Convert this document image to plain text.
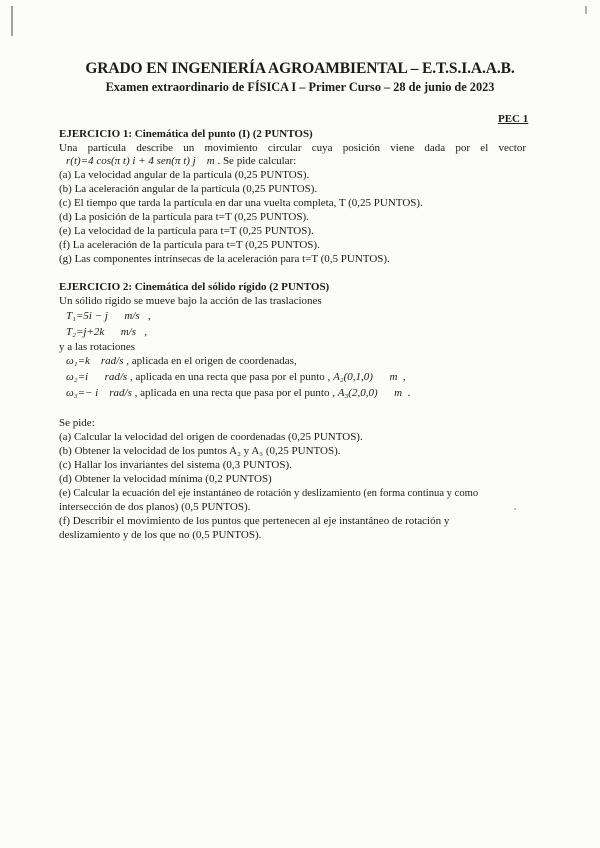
GRADO EN INGENIERÍA AGROAMBIENTAL – E.T.S.I.A.A.B.
Examen extraordinario de FÍSICA I – Primer Curso – 28 de junio de 2023
PEC 1
EJERCICIO 1: Cinemática del punto (I) (2 PUNTOS)
Una partícula describe un movimiento circular cuya posición viene dada por el vector
r(t)=4 cos(π t) i + 4 sen(π t) j m . Se pide calcular:
(a) La velocidad angular de la partícula (0,25 PUNTOS).
(b) La aceleración angular de la partícula (0,25 PUNTOS).
(c) El tiempo que tarda la partícula en dar una vuelta completa, T (0,25 PUNTOS).
(d) La posición de la partícula para t=T (0,25 PUNTOS).
(e) La velocidad de la partícula para t=T (0,25 PUNTOS).
(f) La aceleración de la partícula para t=T (0,25 PUNTOS).
(g) Las componentes intrínsecas de la aceleración para t=T (0,5 PUNTOS).
EJERCICIO 2: Cinemática del sólido rígido (2 PUNTOS)
Un sólido rígido se mueve bajo la acción de las traslaciones
T₁=5i − j m/s ,
T₂=j+2k m/s ,
y a las rotaciones
ω₁=k rad/s , aplicada en el origen de coordenadas,
ω₂=i rad/s , aplicada en una recta que pasa por el punto , A₂(0,1,0) m ,
ω₃=− i rad/s , aplicada en una recta que pasa por el punto , A₃(2,0,0) m .
Se pide:
(a) Calcular la velocidad del origen de coordenadas (0,25 PUNTOS).
(b) Obtener la velocidad de los puntos A₂ y A₃ (0,25 PUNTOS).
(c) Hallar los invariantes del sistema (0,3 PUNTOS).
(d) Obtener la velocidad mínima (0,2 PUNTOS)
(e) Calcular la ecuación del eje instantáneo de rotación y deslizamiento (en forma continua y como
intersección de dos planos) (0,5 PUNTOS).
(f) Describir el movimiento de los puntos que pertenecen al eje instantáneo de rotación y
deslizamiento y de los que no (0,5 PUNTOS).
